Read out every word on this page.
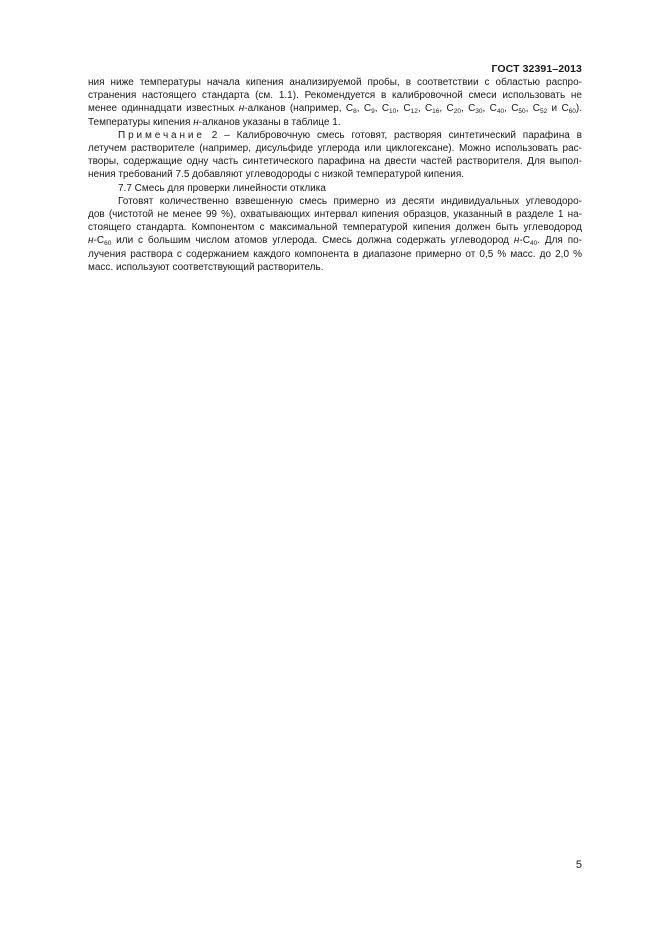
ГОСТ 32391–2013
ния ниже температуры начала кипения анализируемой пробы, в соответствии с областью распро-
странения настоящего стандарта (см. 1.1). Рекомендуется в калибровочной смеси использовать не
менее одиннадцати известных н-алканов (например, $C_8$, $C_9$, $C_{10}$, $C_{12}$, $C_{16}$, $C_{20}$, $C_{30}$, $C_{40}$, $C_{50}$, $C_{52}$ и $C_{60}$).
Температуры кипения н-алканов указаны в таблице 1.
Примечание 2 – Калибровочную смесь готовят, растворяя синтетический парафина в
летучем растворителе (например, дисульфиде углерода или циклогексане). Можно использовать рас-
творы, содержащие одну часть синтетического парафина на двести частей растворителя. Для выпол-
нения требований 7.5 добавляют углеводороды с низкой температурой кипения.
7.7 Смесь для проверки линейности отклика
Готовят количественно взвешенную смесь примерно из десяти индивидуальных углеводоро-
дов (чистотой не менее 99 %), охватывающих интервал кипения образцов, указанный в разделе 1 на-
стоящего стандарта. Компонентом с максимальной температурой кипения должен быть углеводород
$н-C_{60}$ или с большим числом атомов углерода. Смесь должна содержать углеводород $н-C_{40}$. Для по-
лучения раствора с содержанием каждого компонента в диапазоне примерно от 0,5 % масс. до 2,0 %
масс. используют соответствующий растворитель.
5
